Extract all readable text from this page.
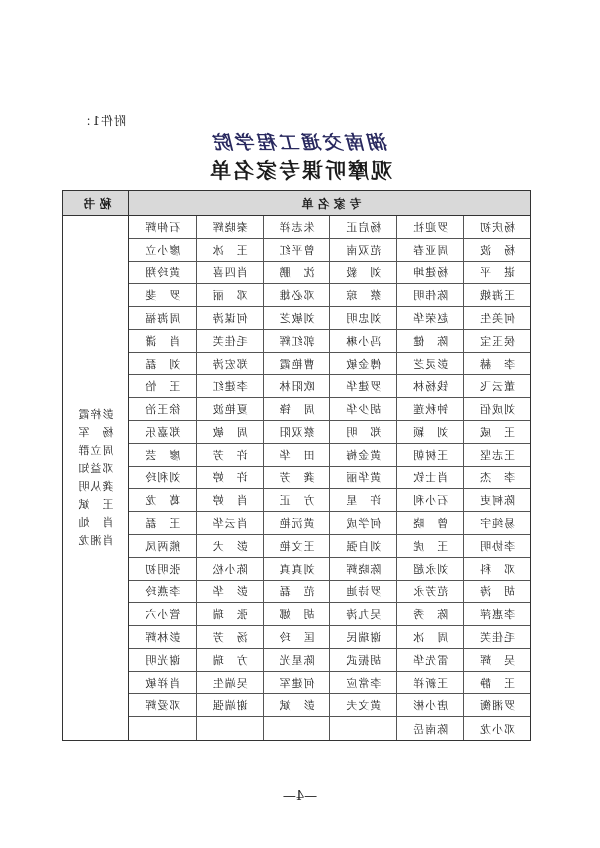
附件1：
湖南交通工程学院
观摩听课专家名单
专家名单
秘书
杨庆初
罗迎社
杨启正
朱志祥
秦晓辉
石伸辉
杨　波
周亚春
范双南
曾平红
王　冰
廖小立
谌　平
杨建坤
刘　毅
沈　鹏
肖四喜
黄玲翔
王海娥
陈伟明
蔡　琼
邓必雄
邓　丽
罗　斐
何美生
赵荣华
刘忠明
刘敏芝
何谋涛
周海福
侯玉宝
陈　健
冯小琳
郭红辉
毛佳芙
肖　潇
李　赫
彭灵芝
傅金敏
曹艳霞
郑宏涛
刘　磊
董云飞
钱杨林
罗建华
欧阳林
李建红
王　怡
刘成佰
钟秋莲
胡少华
周　锋
夏艳波
徐王治
王　威
刘　颖
郑　明
蔡双阳
周　敏
郑嘉乐
王志坚
王树朝
黄金梅
田　华
许　芳
廖　芸
李　杰
肖士钦
黄华丽
龚　芳
许　婷
刘利玲
陈柯吏
石小利
许　星
方　正
肖　婷
葛　龙
易纯宇
曾　晓
何学成
黄沅艳
肖云华
王　磊
李协明
王　虎
刘自强
王文艳
彭　犬
熊两凤
邓　科
刘永超
陈晓辉
刘真真
陈小松
张明初
胡　涛
范芳永
罗诗迪
范　磊
彭　华
李燕玲
李惠萍
陈　秀
吴九涛
胡　娜
张　瑞
管小六
毛佳芙
周　冰
谢瑞民
匡　玲
汤　芳
彭林辉
吴　辉
雷先华
胡振武
陈星光
方　瑞
谢光明
王　静
王新祥
李常应
何建军
吴端生
肖祥敏
罗湘衡
唐小彬
黄文夫
彭　斌
谢端强
邓爱辉
邓小龙
陈南岳
彭梓霞
杨　军
周立群
邓益知
龚从明
王　斌
肖　灿
肖湘龙
—4—
